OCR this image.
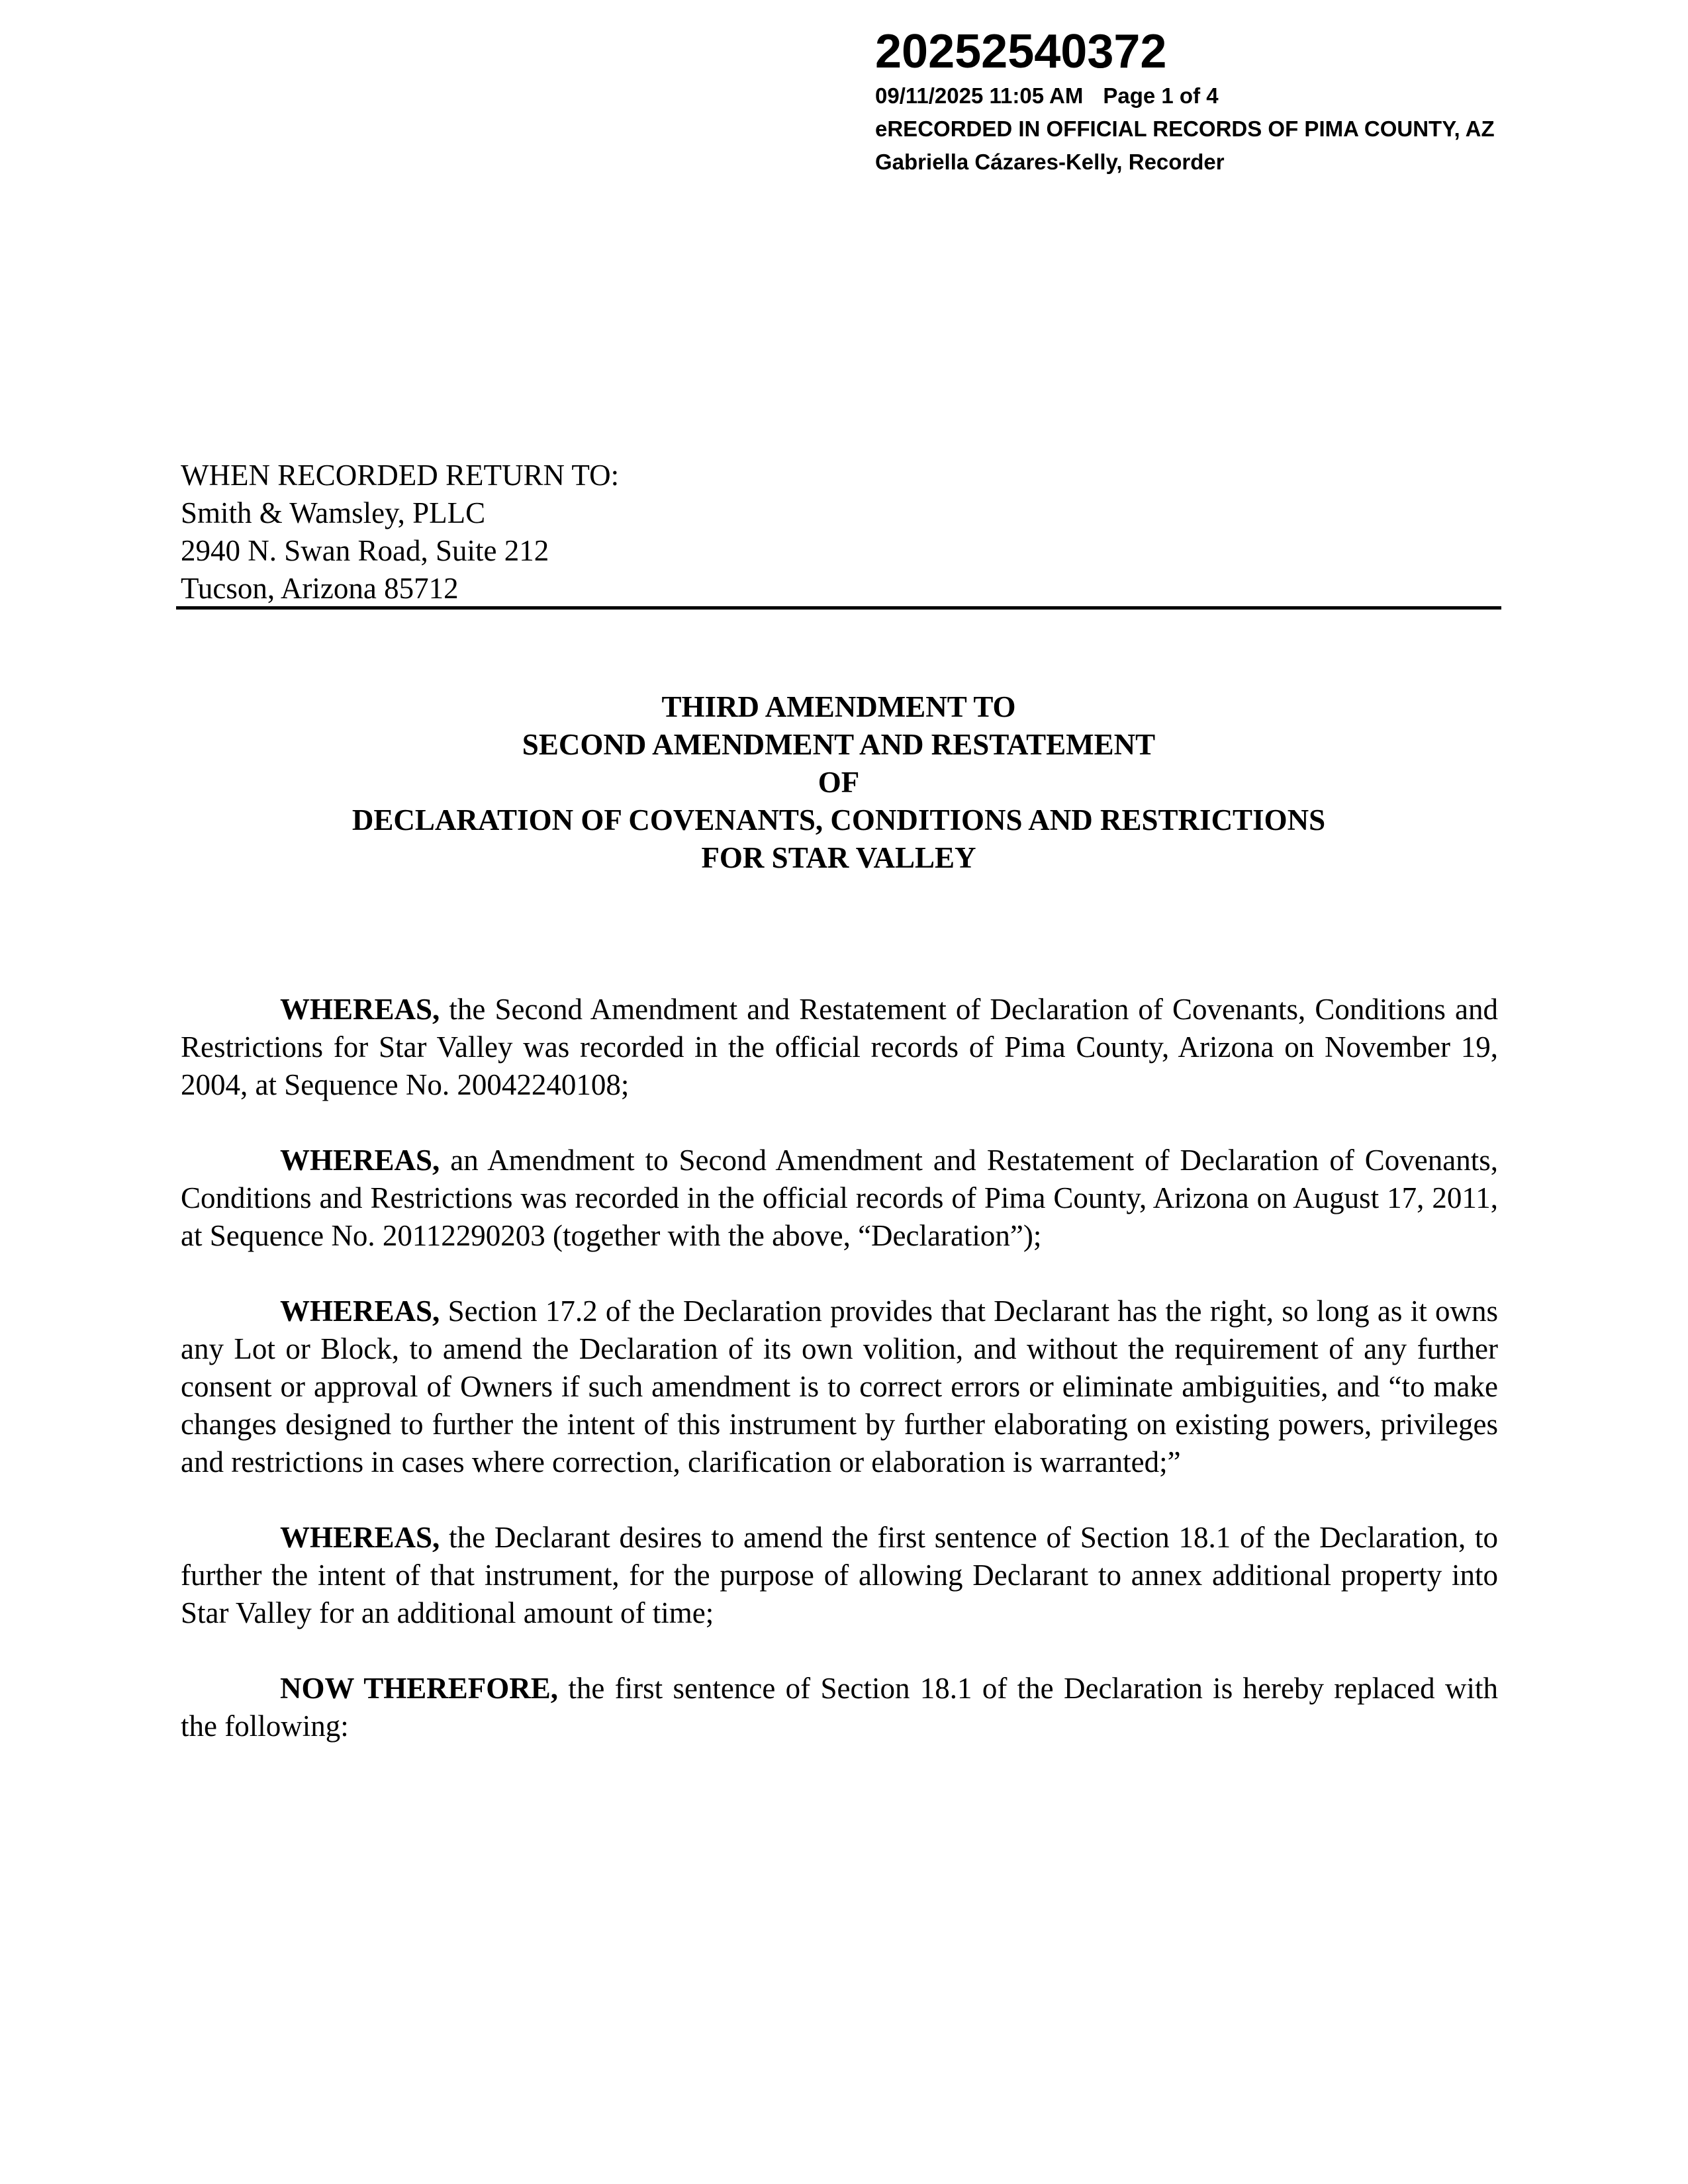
20252540372
09/11/2025 11:05 AM Page 1 of 4
eRECORDED IN OFFICIAL RECORDS OF PIMA COUNTY, AZ
Gabriella Cázares-Kelly, Recorder
WHEN RECORDED RETURN TO:
Smith & Wamsley, PLLC
2940 N. Swan Road, Suite 212
Tucson, Arizona 85712
THIRD AMENDMENT TO
SECOND AMENDMENT AND RESTATEMENT
OF
DECLARATION OF COVENANTS, CONDITIONS AND RESTRICTIONS
FOR STAR VALLEY

WHEREAS, the Second Amendment and Restatement of Declaration of Covenants, Conditions and Restrictions for Star Valley was recorded in the official records of Pima County, Arizona on November 19, 2004, at Sequence No. 20042240108;

WHEREAS, an Amendment to Second Amendment and Restatement of Declaration of Covenants, Conditions and Restrictions was recorded in the official records of Pima County, Arizona on August 17, 2011, at Sequence No. 20112290203 (together with the above, “Declaration”);

WHEREAS, Section 17.2 of the Declaration provides that Declarant has the right, so long as it owns any Lot or Block, to amend the Declaration of its own volition, and without the requirement of any further consent or approval of Owners if such amendment is to correct errors or eliminate ambiguities, and “to make changes designed to further the intent of this instrument by further elaborating on existing powers, privileges and restrictions in cases where correction, clarification or elaboration is warranted;”

WHEREAS, the Declarant desires to amend the first sentence of Section 18.1 of the Declaration, to further the intent of that instrument, for the purpose of allowing Declarant to annex additional property into Star Valley for an additional amount of time;

NOW THEREFORE, the first sentence of Section 18.1 of the Declaration is hereby replaced with the following:
